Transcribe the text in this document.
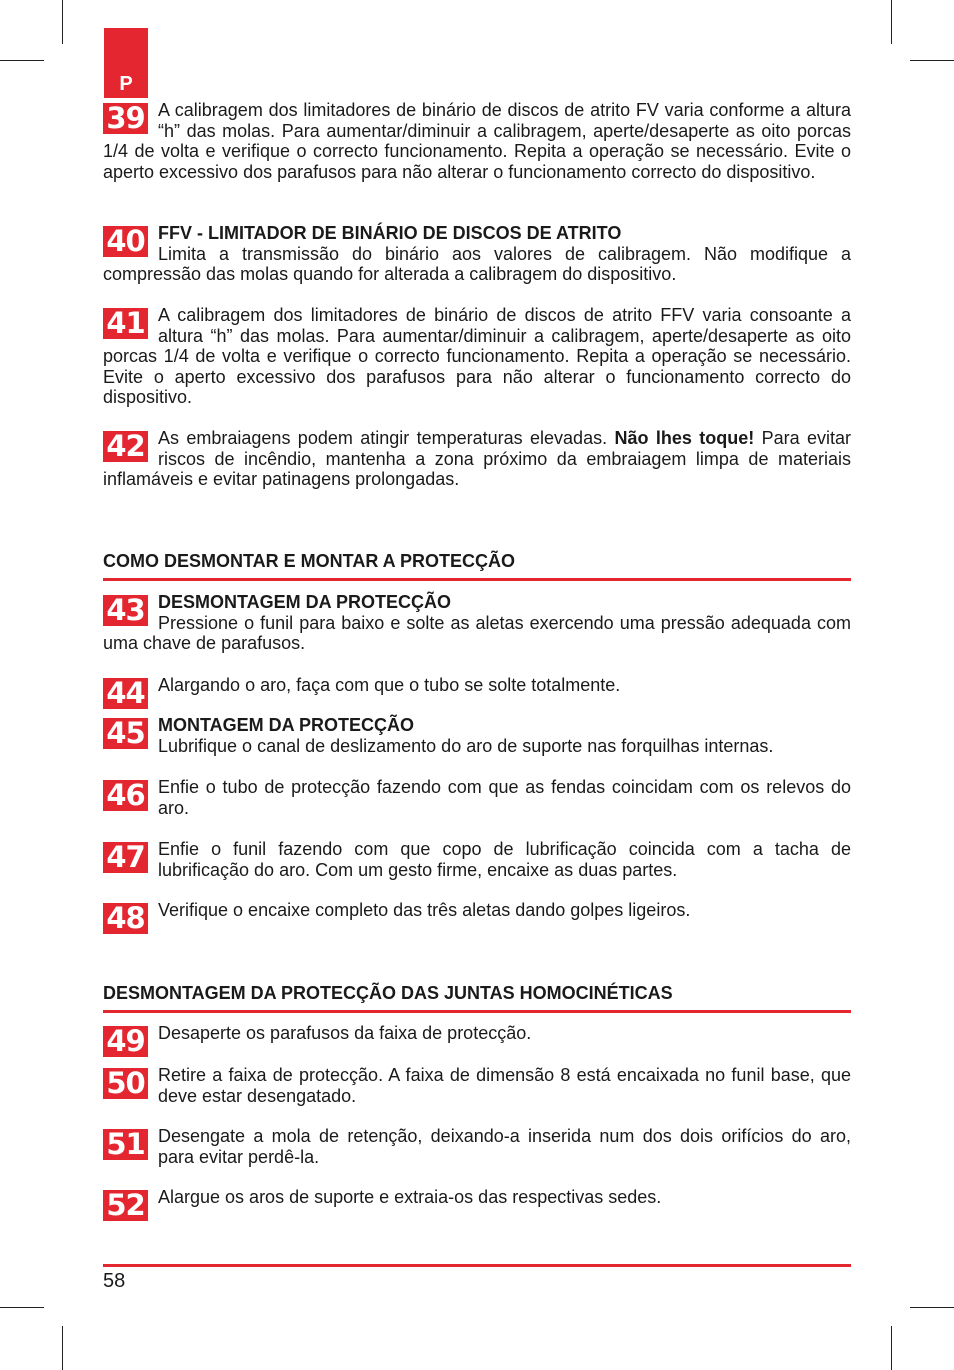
P
39 A calibragem dos limitadores de binário de discos de atrito FV varia conforme a altura “h” das molas. Para aumentar/diminuir a calibragem, aperte/desaperte as oito porcas 1/4 de volta e verifique o correcto funcionamento. Repita a operação se necessário. Evite o aperto excessivo dos parafusos para não alterar o funcionamento correcto do dispositivo.

40 FFV - LIMITADOR DE BINÁRIO DE DISCOS DE ATRITO

Limita a transmissão do binário aos valores de calibragem. Não modifique a compressão das molas quando for alterada a calibragem do dispositivo.

41 A calibragem dos limitadores de binário de discos de atrito FFV varia consoante a altura “h” das molas. Para aumentar/diminuir a calibragem, aperte/desaperte as oito porcas 1/4 de volta e verifique o correcto funcionamento. Repita a operação se necessário. Evite o aperto excessivo dos parafusos para não alterar o funcionamento correcto do dispositivo.

42 As embraiagens podem atingir temperaturas elevadas. Não lhes toque! Para evitar riscos de incêndio, mantenha a zona próximo da embraiagem limpa de materiais inflamáveis e evitar patinagens prolongadas.

COMO DESMONTAR E MONTAR A PROTECÇÃO
43 DESMONTAGEM DA PROTECÇÃO

Pressione o funil para baixo e solte as aletas exercendo uma pressão adequada com uma chave de parafusos.

44 Alargando o aro, faça com que o tubo se solte totalmente.

45 MONTAGEM DA PROTECÇÃO

Lubrifique o canal de deslizamento do aro de suporte nas forquilhas internas.

46 Enfie o tubo de protecção fazendo com que as fendas coincidam com os relevos do aro.

47 Enfie o funil fazendo com que copo de lubrificação coincida com a tacha de lubrificação do aro. Com um gesto firme, encaixe as duas partes.

48 Verifique o encaixe completo das três aletas dando golpes ligeiros.

DESMONTAGEM DA PROTECÇÃO DAS JUNTAS HOMOCINÉTICAS
49 Desaperte os parafusos da faixa de protecção.

50 Retire a faixa de protecção. A faixa de dimensão 8 está encaixada no funil base, que deve estar desengatado.

51 Desengate a mola de retenção, deixando-a inserida num dos dois orifícios do aro, para evitar perdê-la.

52 Alargue os aros de suporte e extraia-os das respectivas sedes.

58
